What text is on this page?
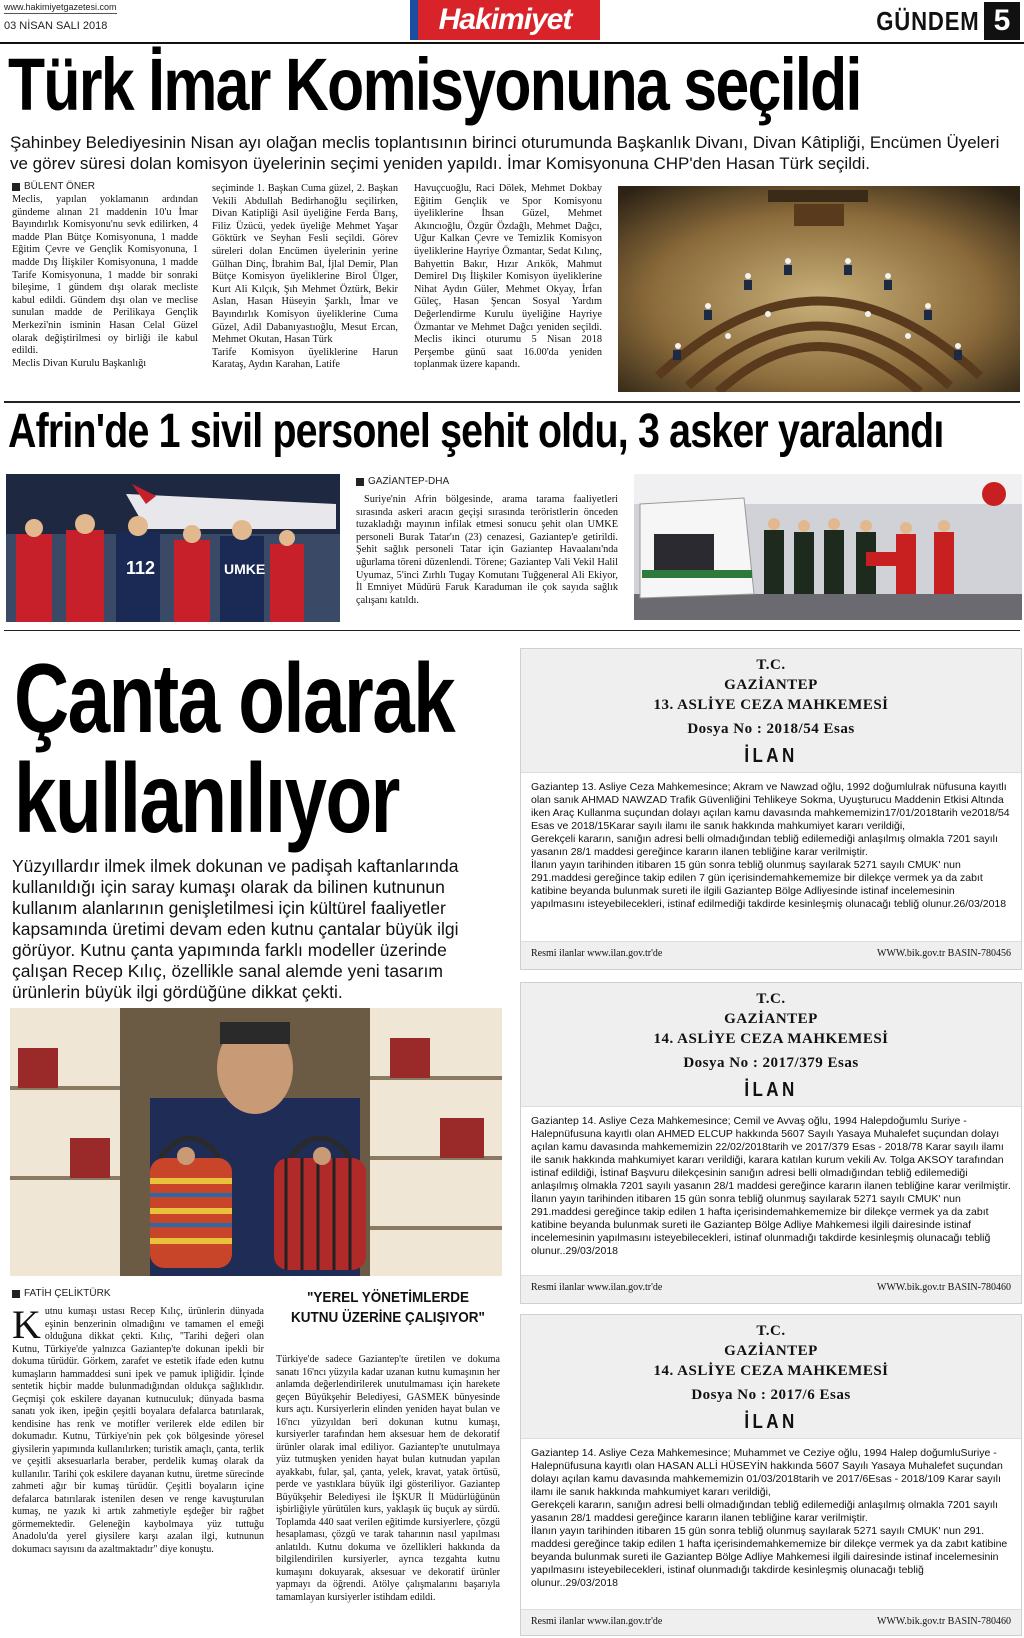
www.hakimiyetgazetesi.com
03 NİSAN SALI 2018	Hakimiyet	GÜNDEM 5
Türk İmar Komisyonuna seçildi
Şahinbey Belediyesinin Nisan ayı olağan meclis toplantısının birinci oturumunda Başkanlık Divanı, Divan Kâtipliği, Encümen Üyeleri ve görev süresi dolan komisyon üyelerinin seçimi yeniden yapıldı. İmar Komisyonuna CHP'den Hasan Türk seçildi.
BÜLENT ÖNER

Meclis, yapılan yoklamanın ardından gündeme alınan 21 maddenin 10'u İmar Bayındırlık Komisyonu'nu sevk edilirken, 4 madde Plan Bütçe Komisyonuna, 1 madde Eğitim Çevre ve Gençlik Komisyonuna, 1 madde Dış İlişkiler Komisyonuna, 1 madde Tarife Komisyonuna, 1 madde bir sonraki bileşime, 1 gündem dışı olarak mecliste kabul edildi. Gündem dışı olan ve meclise sunulan madde de Perilikaya Gençlik Merkezi'nin isminin Hasan Celal Güzel olarak değiştirilmesi oy birliği ile kabul edildi.

Meclis Divan Kurulu Başkanlığı

seçiminde 1. Başkan Cuma güzel, 2. Başkan Vekili Abdullah Bedirhanoğlu seçilirken, Divan Katipliği Asil üyeliğine Ferda Barış, Filiz Üzücü, yedek üyeliğe Mehmet Yaşar Göktürk ve Seyhan Fesli seçildi. Görev süreleri dolan Encümen üyelerinin yerine Gülhan Dinç, İbrahim Bal, İjlal Demir, Plan Bütçe Komisyon üyeliklerine Birol Ülger, Kurt Ali Kılçık, Şıh Mehmet Öztürk, Bekir Aslan, Hasan Hüseyin Şarklı, İmar ve Bayındırlık Komisyon üyeliklerine Cuma Güzel, Adil Dabanıyastıoğlu, Mesut Ercan, Mehmet Okutan, Hasan Türk

Tarife Komisyon üyeliklerine Harun Karataş, Aydın Karahan, Latife

Havuçcuoğlu, Raci Dölek, Mehmet Dokbay Eğitim Gençlik ve Spor Komisyonu üyeliklerine İhsan Güzel, Mehmet Akıncıoğlu, Özgür Özdağlı, Mehmet Dağcı, Uğur Kalkan Çevre ve Temizlik Komisyon üyeliklerine Hayriye Özmantar, Sedat Kılınç, Bahyettin Bakır, Hızır Arıkök, Mahmut Demirel Dış İlişkiler Komisyon üyeliklerine Nihat Aydın Güler, Mehmet Okyay, İrfan Güleç, Hasan Şencan Sosyal Yardım Değerlendirme Kurulu üyeliğine Hayriye Özmantar ve Mehmet Dağcı yeniden seçildi. Meclis ikinci oturumu 5 Nisan 2018 Perşembe günü saat 16.00'da yeniden toplanmak üzere kapandı.

Afrin'de 1 sivil personel şehit oldu, 3 asker yaralandı
112	UMKE
GAZİANTEP-DHA

Suriye'nin Afrin bölgesinde, arama tarama faaliyetleri sırasında askeri aracın geçişi sırasında teröristlerin önceden tuzakladığı mayının infilak etmesi sonucu şehit olan UMKE personeli Burak Tatar'ın (23) cenazesi, Gaziantep'e getirildi. Şehit sağlık personeli Tatar için Gaziantep Havaalanı'nda uğurlama töreni düzenlendi. Törene; Gaziantep Vali Vekil Halil Uyumaz, 5'inci Zırhlı Tugay Komutanı Tuğgeneral Ali Ekiyor, İl Emniyet Müdürü Faruk Karaduman ile çok sayıda sağlık çalışanı katıldı.

Çanta olarak
kullanılıyor
Yüzyıllardır ilmek ilmek dokunan ve padişah kaftanlarında kullanıldığı için saray kumaşı olarak da bilinen kutnunun kullanım alanlarının genişletilmesi için kültürel faaliyetler kapsamında üretimi devam eden kutnu çantalar büyük ilgi görüyor. Kutnu çanta yapımında farklı modeller üzerinde çalışan Recep Kılıç, özellikle sanal alemde yeni tasarım ürünlerin büyük ilgi gördüğüne dikkat çekti.
FATİH ÇELİKTÜRK

Kutnu kumaşı ustası Recep Kılıç, ürünlerin dünyada eşinin benzerinin olmadığını ve tamamen el emeği olduğuna dikkat çekti. Kılıç, "Tarihi değeri olan Kutnu, Türkiye'de yalnızca Gaziantep'te dokunan ipekli bir dokuma türüdür. Görkem, zarafet ve estetik ifade eden kutnu kumaşların hammaddesi suni ipek ve pamuk ipliğidir. İçinde sentetik hiçbir madde bulunmadığından oldukça sağlıklıdır. Geçmişi çok eskilere dayanan kutnuculuk; dünyada basma sanatı yok iken, ipeğin çeşitli boyalara defalarca batırılarak, kendisine has renk ve motifler verilerek elde edilen bir dokumadır. Kutnu, Türkiye'nin pek çok bölgesinde yöresel giysilerin yapımında kullanılırken; turistik amaçlı, çanta, terlik ve çeşitli aksesuarlarla beraber, perdelik kumaş olarak da kullanılır. Tarihi çok eskilere dayanan kutnu, üretme sürecinde zahmeti ağır bir kumaş türüdür. Çeşitli boyaların içine defalarca batırılarak istenilen desen ve renge kavuşturulan kumaş, ne yazık ki artık zahmetiyle eşdeğer bir rağbet görmemektedir. Geleneğin kaybolmaya yüz tuttuğu Anadolu'da yerel giysilere karşı azalan ilgi, kutnunun dokumacı sayısını da azaltmaktadır" diye konuştu.

"YEREL YÖNETİMLERDE KUTNU ÜZERİNE ÇALIŞIYOR"

Türkiye'de sadece Gaziantep'te üretilen ve dokuma sanatı 16'ncı yüzyıla kadar uzanan kutnu kumaşının her anlamda değerlendirilerek unutulmaması için harekete geçen Büyükşehir Belediyesi, GASMEK bünyesinde kurs açtı. Kursiyerlerin elinden yeniden hayat bulan ve 16'ncı yüzyıldan beri dokunan kutnu kumaşı, kursiyerler tarafından hem aksesuar hem de dekoratif ürünler olarak imal ediliyor. Gaziantep'te unutulmaya yüz tutmuşken yeniden hayat bulan kutnudan yapılan ayakkabı, fular, şal, çanta, yelek, kravat, yatak örtüsü, perde ve yastıklara büyük ilgi gösteriliyor. Gaziantep Büyükşehir Belediyesi ile İŞKUR İl Müdürlüğünün işbirliğiyle yürütülen kurs, yaklaşık üç buçuk ay sürdü. Toplamda 440 saat verilen eğitimde kursiyerlere, çözgü hesaplaması, çözgü ve tarak taharının nasıl yapılması anlatıldı. Kutnu dokuma ve özellikleri hakkında da bilgilendirilen kursiyerler, ayrıca tezgahta kutnu kumaşını dokuyarak, aksesuar ve dekoratif ürünler yapmayı da öğrendi. Atölye çalışmalarını başarıyla tamamlayan kursiyerler istihdam edildi.

T.C.
GAZİANTEP
13. ASLİYE CEZA MAHKEMESİ
Dosya No : 2018/54 Esas
İLAN
Gaziantep 13. Asliye Ceza Mahkemesince; Akram ve Nawzad oğlu, 1992 doğumlulrak nüfusuna kayıtlı olan sanık AHMAD NAWZAD Trafik Güvenliğini Tehlikeye Sokma, Uyuşturucu Maddenin Etkisi Altında iken Araç Kullanma suçundan dolayı açılan kamu davasında mahkememizin17/01/2018tarih ve2018/54 Esas ve 2018/15Karar sayılı ilamı ile sanık hakkında mahkumiyet kararı verildiği,
Gerekçeli kararın, sanığın adresi belli olmadığından tebliğ edilemediği anlaşılmış olmakla 7201 sayılı yasanın 28/1 maddesi gereğince kararın ilanen tebliğine karar verilmiştir.
İlanın yayın tarihinden itibaren 15 gün sonra tebliğ olunmuş sayılarak 5271 sayılı CMUK' nun 291.maddesi gereğince takip edilen 7 gün içerisindemahkememize bir dilekçe vermek ya da zabıt katibine beyanda bulunmak sureti ile ilgili Gaziantep Bölge Adliyesinde istinaf incelemesinin yapılmasını isteyebilecekleri, istinaf edilmediği takdirde kesinleşmiş olunacağı tebliğ olunur.26/03/2018
Resmi ilanlar www.ilan.gov.tr'de	WWW.bik.gov.tr BASIN-780456
T.C.
GAZİANTEP
14. ASLİYE CEZA MAHKEMESİ
Dosya No : 2017/379 Esas
İLAN
Gaziantep 14. Asliye Ceza Mahkemesince; Cemil ve Avvaş oğlu, 1994 Halepdoğumlu Suriye -Halepnüfusuna kayıtlı olan AHMED ELCUP hakkında 5607 Sayılı Yasaya Muhalefet suçundan dolayı açılan kamu davasında mahkememizin 22/02/2018tarih ve 2017/379 Esas - 2018/78 Karar sayılı ilamı ile sanık hakkında mahkumiyet kararı verildiği, karara katılan kurum vekili Av. Tolga AKSOY tarafından istinaf edildiği, İstinaf Başvuru dilekçesinin sanığın adresi belli olmadığından tebliğ edilemediği anlaşılmış olmakla 7201 sayılı yasanın 28/1 maddesi gereğince kararın ilanen tebliğine karar verilmiştir. İlanın yayın tarihinden itibaren 15 gün sonra tebliğ olunmuş sayılarak 5271 sayılı CMUK' nun 291.maddesi gereğince takip edilen 1 hafta içerisindemahkememize bir dilekçe vermek ya da zabıt katibine beyanda bulunmak sureti ile Gaziantep Bölge Adliye Mahkemesi ilgili dairesinde istinaf incelemesinin yapılmasını isteyebilecekleri, istinaf olunmadığı takdirde kesinleşmiş olunacağı tebliğ olunur..29/03/2018
Resmi ilanlar www.ilan.gov.tr'de	WWW.bik.gov.tr BASIN-780460
T.C.
GAZİANTEP
14. ASLİYE CEZA MAHKEMESİ
Dosya No : 2017/6 Esas
İLAN
Gaziantep 14. Asliye Ceza Mahkemesince; Muhammet ve Ceziye oğlu, 1994 Halep doğumluSuriye -Halepnüfusuna kayıtlı olan HASAN ALLİ HÜSEYİN hakkında 5607 Sayılı Yasaya Muhalefet suçundan dolayı açılan kamu davasında mahkememizin 01/03/2018tarih ve 2017/6Esas - 2018/109 Karar sayılı ilamı ile sanık hakkında mahkumiyet kararı verildiği,
Gerekçeli kararın, sanığın adresi belli olmadığından tebliğ edilemediği anlaşılmış olmakla 7201 sayılı yasanın 28/1 maddesi gereğince kararın ilanen tebliğine karar verilmiştir.
İlanın yayın tarihinden itibaren 15 gün sonra tebliğ olunmuş sayılarak 5271 sayılı CMUK' nun 291. maddesi gereğince takip edilen 1 hafta içerisindemahkememize bir dilekçe vermek ya da zabıt katibine beyanda bulunmak sureti ile Gaziantep Bölge Adliye Mahkemesi ilgili dairesinde istinaf incelemesinin yapılmasını isteyebilecekleri, istinaf olunmadığı takdirde kesinleşmiş olunacağı tebliğ olunur..29/03/2018
Resmi ilanlar www.ilan.gov.tr'de	WWW.bik.gov.tr BASIN-780460
